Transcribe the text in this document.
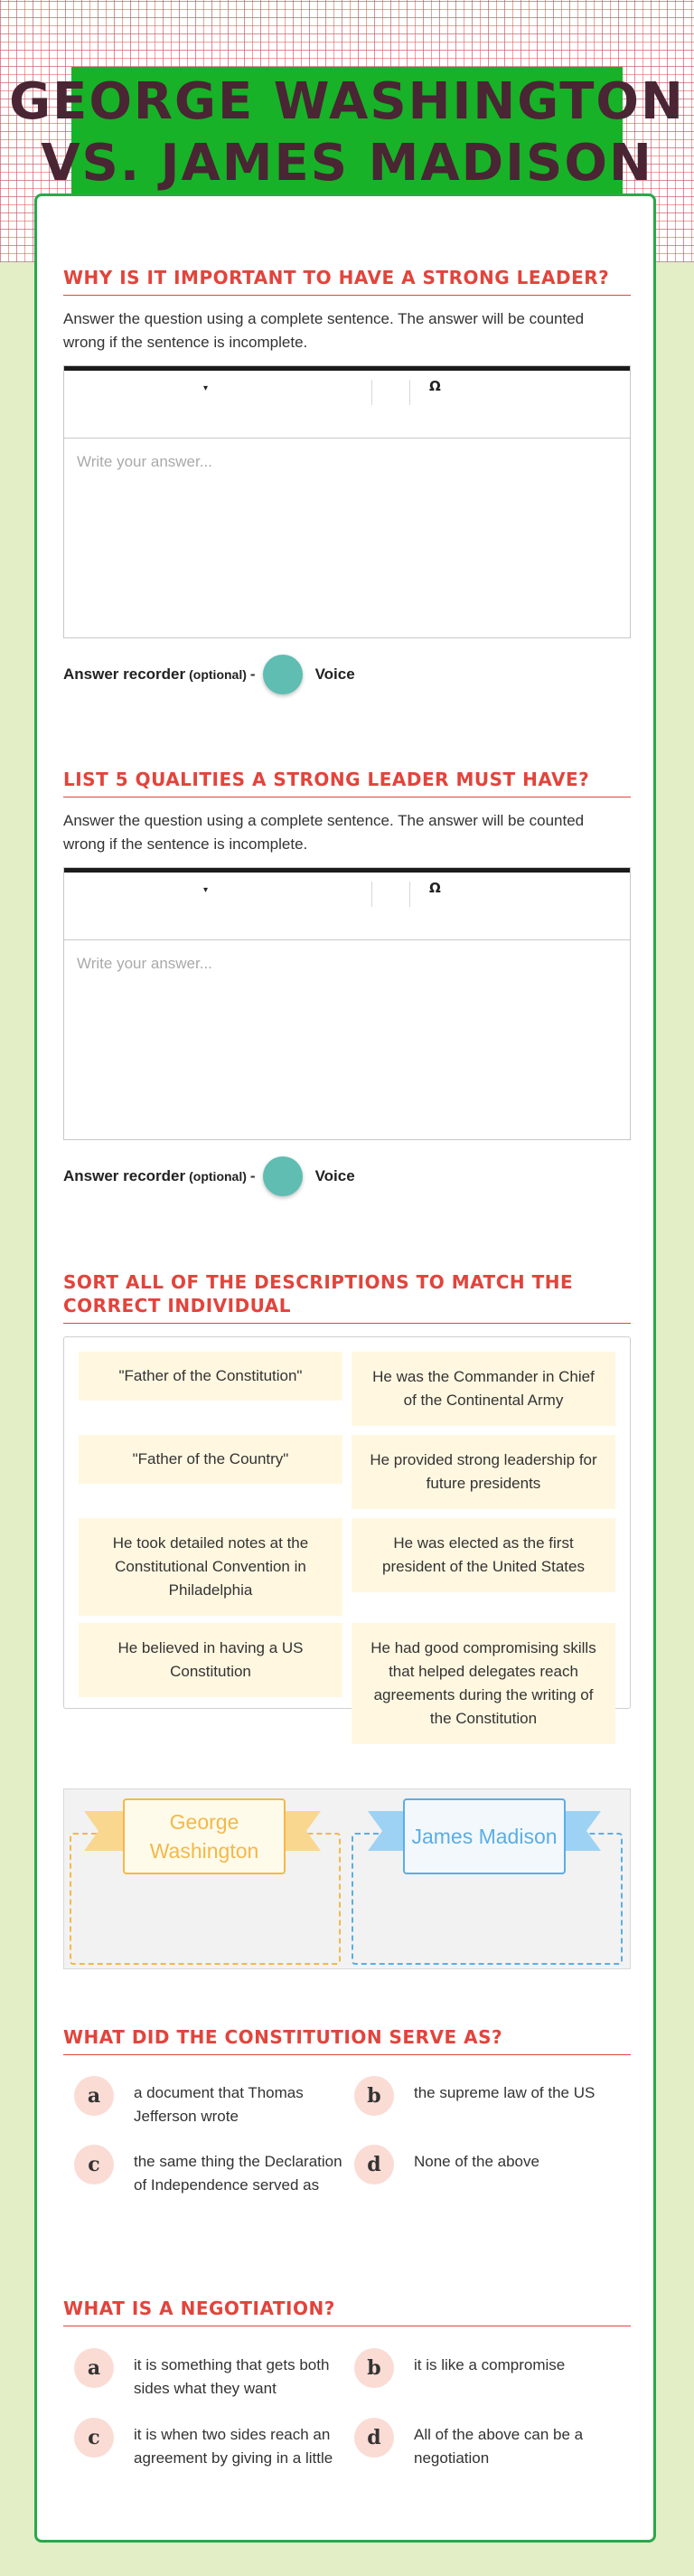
GEORGE WASHINGTON
VS. JAMES MADISON
WHY IS IT IMPORTANT TO HAVE A STRONG LEADER?
Answer the question using a complete sentence. The answer will be counted wrong if the sentence is incomplete.
▾	Ω
Write your answer...
Answer recorder (optional) -	Voice
LIST 5 QUALITIES A STRONG LEADER MUST HAVE?
Answer the question using a complete sentence. The answer will be counted wrong if the sentence is incomplete.
▾	Ω
Write your answer...
Answer recorder (optional) -	Voice
SORT ALL OF THE DESCRIPTIONS TO MATCH THE CORRECT INDIVIDUAL
"Father of the Constitution"	He was the Commander in Chief of the Continental Army
"Father of the Country"	He provided strong leadership for future presidents
He took detailed notes at the Constitutional Convention in Philadelphia
He was elected as the first president of the United States
He believed in having a US Constitution
He had good compromising skills that helped delegates reach agreements during the writing of the Constitution
George Washington
James Madison
WHAT DID THE CONSTITUTION SERVE AS?
a	a document that Thomas Jefferson wrote
b	the supreme law of the US
c	the same thing the Declaration of Independence served as
d	None of the above
WHAT IS A NEGOTIATION?
a	it is something that gets both sides what they want
b	it is like a compromise
c	it is when two sides reach an agreement by giving in a little
d	All of the above can be a negotiation
